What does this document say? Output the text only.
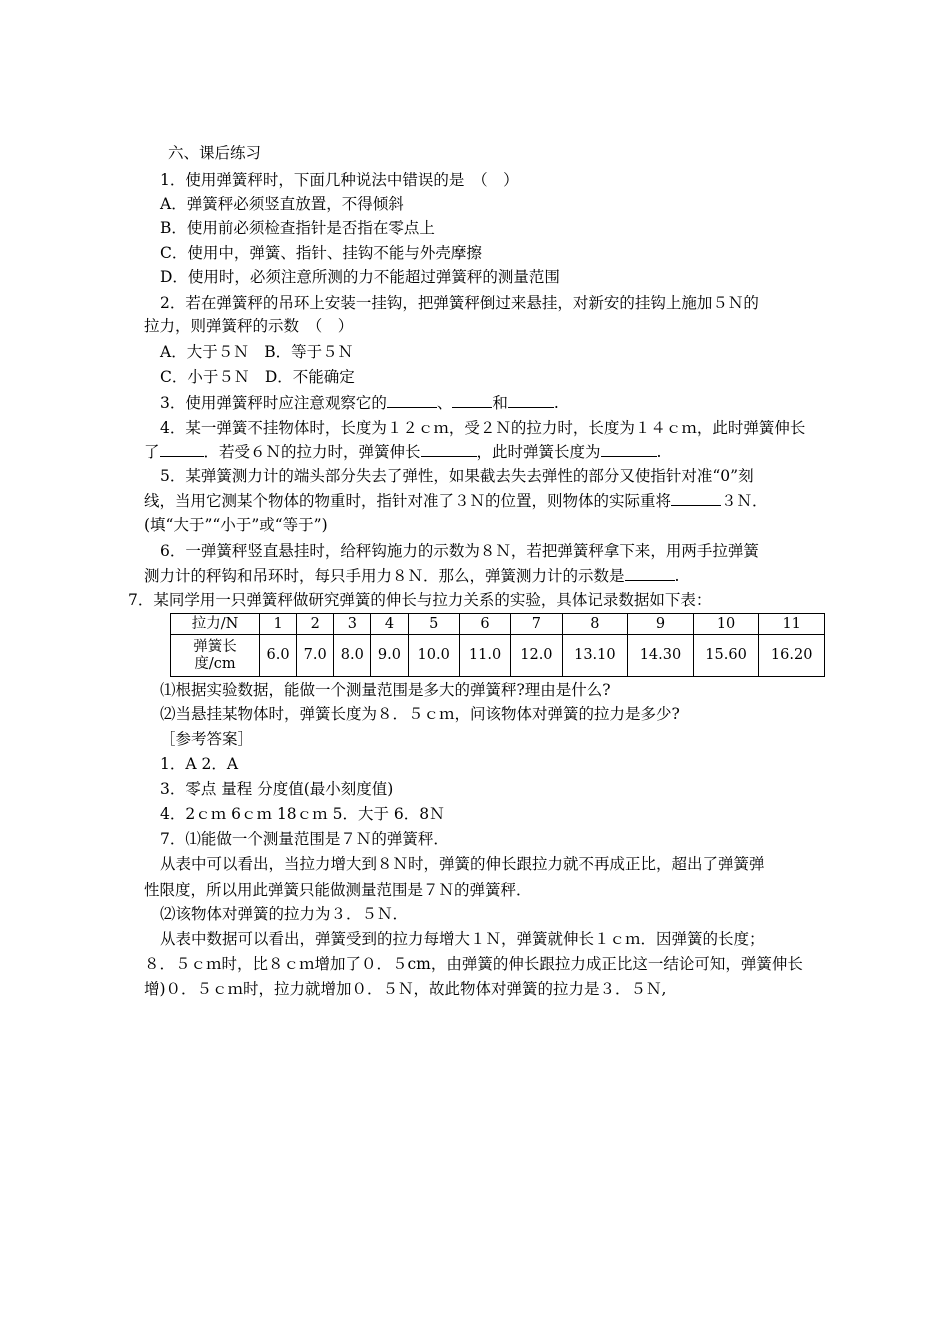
六、课后练习
1．使用弹簧秤时，下面几种说法中错误的是　（　）
A．弹簧秤必须竖直放置，不得倾斜
B．使用前必须检查指针是否指在零点上
C．使用中，弹簧、指针、挂钩不能与外壳摩擦
D．使用时，必须注意所测的力不能超过弹簧秤的测量范围
2．若在弹簧秤的吊环上安装一挂钩，把弹簧秤倒过来悬挂，对新安的挂钩上施加５Ｎ的
拉力，则弹簧秤的示数　（　）
A．大于５Ｎ　B．等于５Ｎ
C．小于５Ｎ　D．不能确定
3．使用弹簧秤时应注意观察它的	、	和	.
4．某一弹簧不挂物体时，长度为１２ｃｍ，受２Ｎ的拉力时，长度为１４ｃｍ，此时弹簧伸长
了	．若受６Ｎ的拉力时，弹簧伸长	，此时弹簧长度为	.
5．某弹簧测力计的端头部分失去了弹性，如果截去失去弹性的部分又使指针对准“0”刻
线，当用它测某个物体的物重时，指针对准了３Ｎ的位置，则物体的实际重将	３Ｎ．
(填“大于”“小于”或“等于”)
6．一弹簧秤竖直悬挂时，给秤钩施力的示数为８Ｎ，若把弹簧秤拿下来，用两手拉弹簧
测力计的秤钩和吊环时，每只手用力８Ｎ．那么，弹簧测力计的示数是	.
7．某同学用一只弹簧秤做研究弹簧的伸长与拉力关系的实验，具体记录数据如下表：
拉力/N	1	2	3	4	5	6	7	8	9	10	11
弹簧长
度/cm	6.0	7.0	8.0	9.0	10.0	11.0	12.0	13.10	14.30	15.60	16.20
⑴根据实验数据，能做一个测量范围是多大的弹簧秤?理由是什么?
⑵当悬挂某物体时，弹簧长度为８．５ｃｍ，问该物体对弹簧的拉力是多少?
［参考答案］
1．A 2．A
3．零点 量程 分度值(最小刻度值)
4．2ｃｍ 6ｃｍ 18ｃｍ 5．大于 6．8Ｎ
7．⑴能做一个测量范围是７Ｎ的弹簧秤．
从表中可以看出，当拉力增大到８Ｎ时，弹簧的伸长跟拉力就不再成正比，超出了弹簧弹
性限度，所以用此弹簧只能做测量范围是７Ｎ的弹簧秤．
⑵该物体对弹簧的拉力为３．５Ｎ．
从表中数据可以看出，弹簧受到的拉力每增大１Ｎ，弹簧就伸长１ｃｍ．因弹簧的长度；
８．５ｃｍ时，比８ｃｍ增加了０．５cm，由弹簧的伸长跟拉力成正比这一结论可知，弹簧伸长
增)０．５ｃｍ时，拉力就增加０．５Ｎ，故此物体对弹簧的拉力是３．５Ｎ,
